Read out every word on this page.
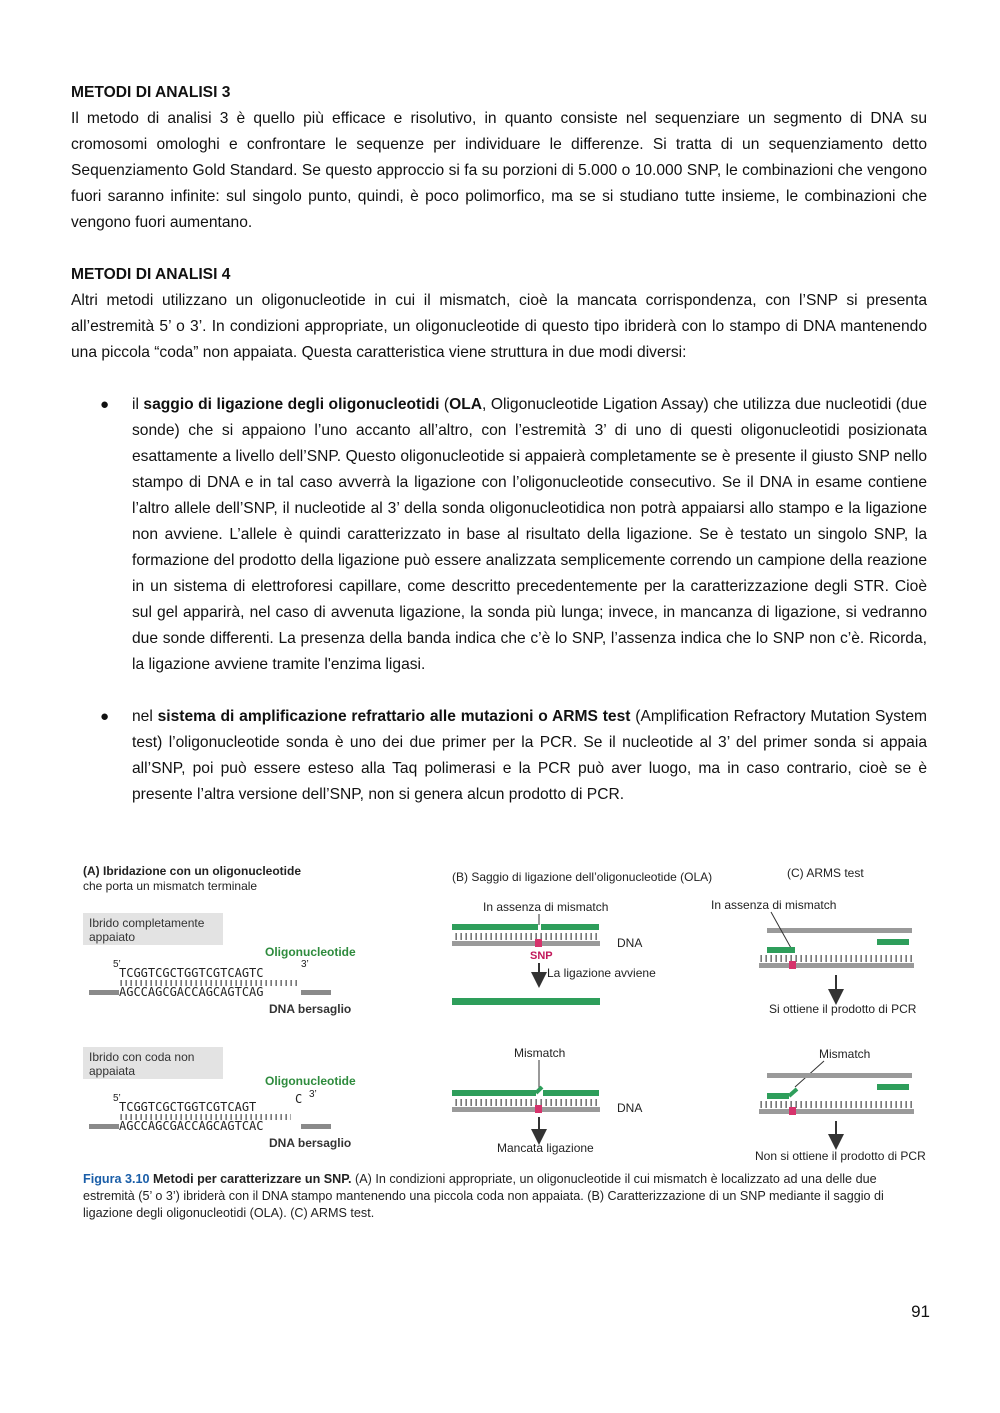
METODI DI ANALISI 3

Il metodo di analisi 3 è quello più efficace e risolutivo, in quanto consiste nel sequenziare un segmento di DNA su cromosomi omologhi e confrontare le sequenze per individuare le differenze. Si tratta di un sequenziamento detto Sequenziamento Gold Standard. Se questo approccio si fa su porzioni di 5.000 o 10.000 SNP, le combinazioni che vengono fuori saranno infinite: sul singolo punto, quindi, è poco polimorfico, ma se si studiano tutte insieme, le combinazioni che vengono fuori aumentano.

METODI DI ANALISI 4

Altri metodi utilizzano un oligonucleotide in cui il mismatch, cioè la mancata corrispondenza, con l’SNP si presenta all’estremità 5’ o 3’. In condizioni appropriate, un oligonucleotide di questo tipo ibriderà con lo stampo di DNA mantenendo una piccola “coda” non appaiata. Questa caratteristica viene struttura in due modi diversi:

● il saggio di ligazione degli oligonucleotidi (OLA, Oligonucleotide Ligation Assay) che utilizza due nucleotidi (due sonde) che si appaiono l’uno accanto all’altro, con l’estremità 3’ di uno di questi oligonucleotidi posizionata esattamente a livello dell’SNP. Questo oligonucleotide si appaierà completamente se è presente il giusto SNP nello stampo di DNA e in tal caso avverrà la ligazione con l’oligonucleotide consecutivo. Se il DNA in esame contiene l’altro allele dell’SNP, il nucleotide al 3’ della sonda oligonucleotidica non potrà appaiarsi allo stampo e la ligazione non avviene. L’allele è quindi caratterizzato in base al risultato della ligazione. Se è testato un singolo SNP, la formazione del prodotto della ligazione può essere analizzata semplicemente correndo un campione della reazione in un sistema di elettroforesi capillare, come descritto precedentemente per la caratterizzazione degli STR. Cioè sul gel apparirà, nel caso di avvenuta ligazione, la sonda più lunga; invece, in mancanza di ligazione, si vedranno due sonde differenti. La presenza della banda indica che c’è lo SNP, l’assenza indica che lo SNP non c’è. Ricorda, la ligazione avviene tramite l'enzima ligasi.

● nel sistema di amplificazione refrattario alle mutazioni o ARMS test (Amplification Refractory Mutation System test) l’oligonucleotide sonda è uno dei due primer per la PCR. Se il nucleotide al 3’ del primer sonda si appaia all’SNP, poi può essere esteso alla Taq polimerasi e la PCR può aver luogo, ma in caso contrario, cioè se è presente l’altra versione dell’SNP, non si genera alcun prodotto di PCR.

(A) Ibridazione con un oligonucleotide
che porta un mismatch terminale
Ibrido completamente
appaiato
Oligonucleotide
5’	3’
TCGGTCGCTGGTCGTCAGTC
AGCCAGCGACCAGCAGTCAG
DNA bersaglio
Ibrido con coda non
appaiata
Oligonucleotide
5’	3’
TCGGTCGCTGGTCGTCAGT
C
AGCCAGCGACCAGCAGTCAC
DNA bersaglio
(B) Saggio di ligazione dell’oligonucleotide (OLA)
In assenza di mismatch
DNA
SNP
La ligazione avviene
Mismatch
DNA
Mancata ligazione
(C) ARMS test
In assenza di mismatch
Si ottiene il prodotto di PCR
Mismatch
Non si ottiene il prodotto di PCR
Figura 3.10 Metodi per caratterizzare un SNP. (A) In condizioni appropriate, un oligonucleotide il cui mismatch è localizzato ad una delle due estremità (5’ o 3’) ibriderà con il DNA stampo mantenendo una piccola coda non appaiata. (B) Caratterizzazione di un SNP mediante il saggio di ligazione degli oligonucleotidi (OLA). (C) ARMS test.
91
